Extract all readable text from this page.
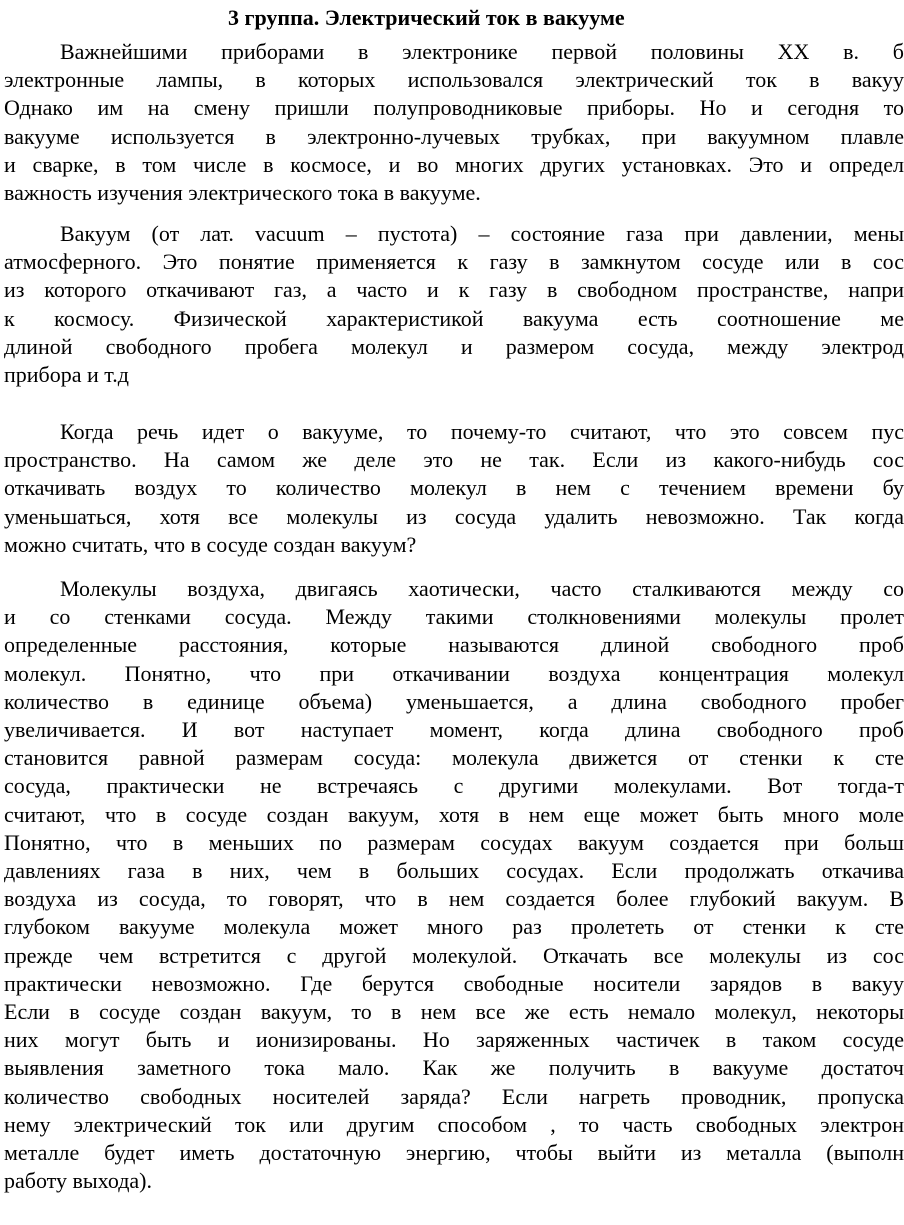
3 группа. Электрический ток в вакууме
Важнейшими приборами в электронике первой половины XX в. б
электронные лампы, в которых использовался электрический ток в вакуу
Однако им на смену пришли полупроводниковые приборы. Но и сегодня то
вакууме используется в электронно-лучевых трубках, при вакуумном плавле
и сварке, в том числе в космосе, и во многих других установках. Это и определ
важность изучения электрического тока в вакууме.
Вакуум (от лат. vacuum – пустота) – состояние газа при давлении, мены
атмосферного. Это понятие применяется к газу в замкнутом сосуде или в сос
из которого откачивают газ, а часто и к газу в свободном пространстве, напри
к космосу. Физической характеристикой вакуума есть соотношение ме
длиной свободного пробега молекул и размером сосуда, между электрод
прибора и т.д
Когда речь идет о вакууме, то почему-то считают, что это совсем пус
пространство. На самом же деле это не так. Если из какого-нибудь сос
откачивать воздух то количество молекул в нем с течением времени бу
уменьшаться, хотя все молекулы из сосуда удалить невозможно. Так когда
можно считать, что в сосуде создан вакуум?
Молекулы воздуха, двигаясь хаотически, часто сталкиваются между со
и со стенками сосуда. Между такими столкновениями молекулы пролет
определенные расстояния, которые называются длиной свободного проб
молекул. Понятно, что при откачивании воздуха концентрация молекул
количество в единице объема) уменьшается, а длина свободного пробег
увеличивается. И вот наступает момент, когда длина свободного проб
становится равной размерам сосуда: молекула движется от стенки к сте
сосуда, практически не встречаясь с другими молекулами. Вот тогда-т
считают, что в сосуде создан вакуум, хотя в нем еще может быть много моле
Понятно, что в меньших по размерам сосудах вакуум создается при больш
давлениях газа в них, чем в больших сосудах. Если продолжать откачива
воздуха из сосуда, то говорят, что в нем создается более глубокий вакуум. В
глубоком вакууме молекула может много раз пролететь от стенки к сте
прежде чем встретится с другой молекулой. Откачать все молекулы из сос
практически невозможно. Где берутся свободные носители зарядов в вакуу
Если в сосуде создан вакуум, то в нем все же есть немало молекул, некоторы
них могут быть и ионизированы. Но заряженных частичек в таком сосуде
выявления заметного тока мало. Как же получить в вакууме достаточ
количество свободных носителей заряда? Если нагреть проводник, пропуска
нему электрический ток или другим способом , то часть свободных электрон
металле будет иметь достаточную энергию, чтобы выйти из металла (выполн
работу выхода).
